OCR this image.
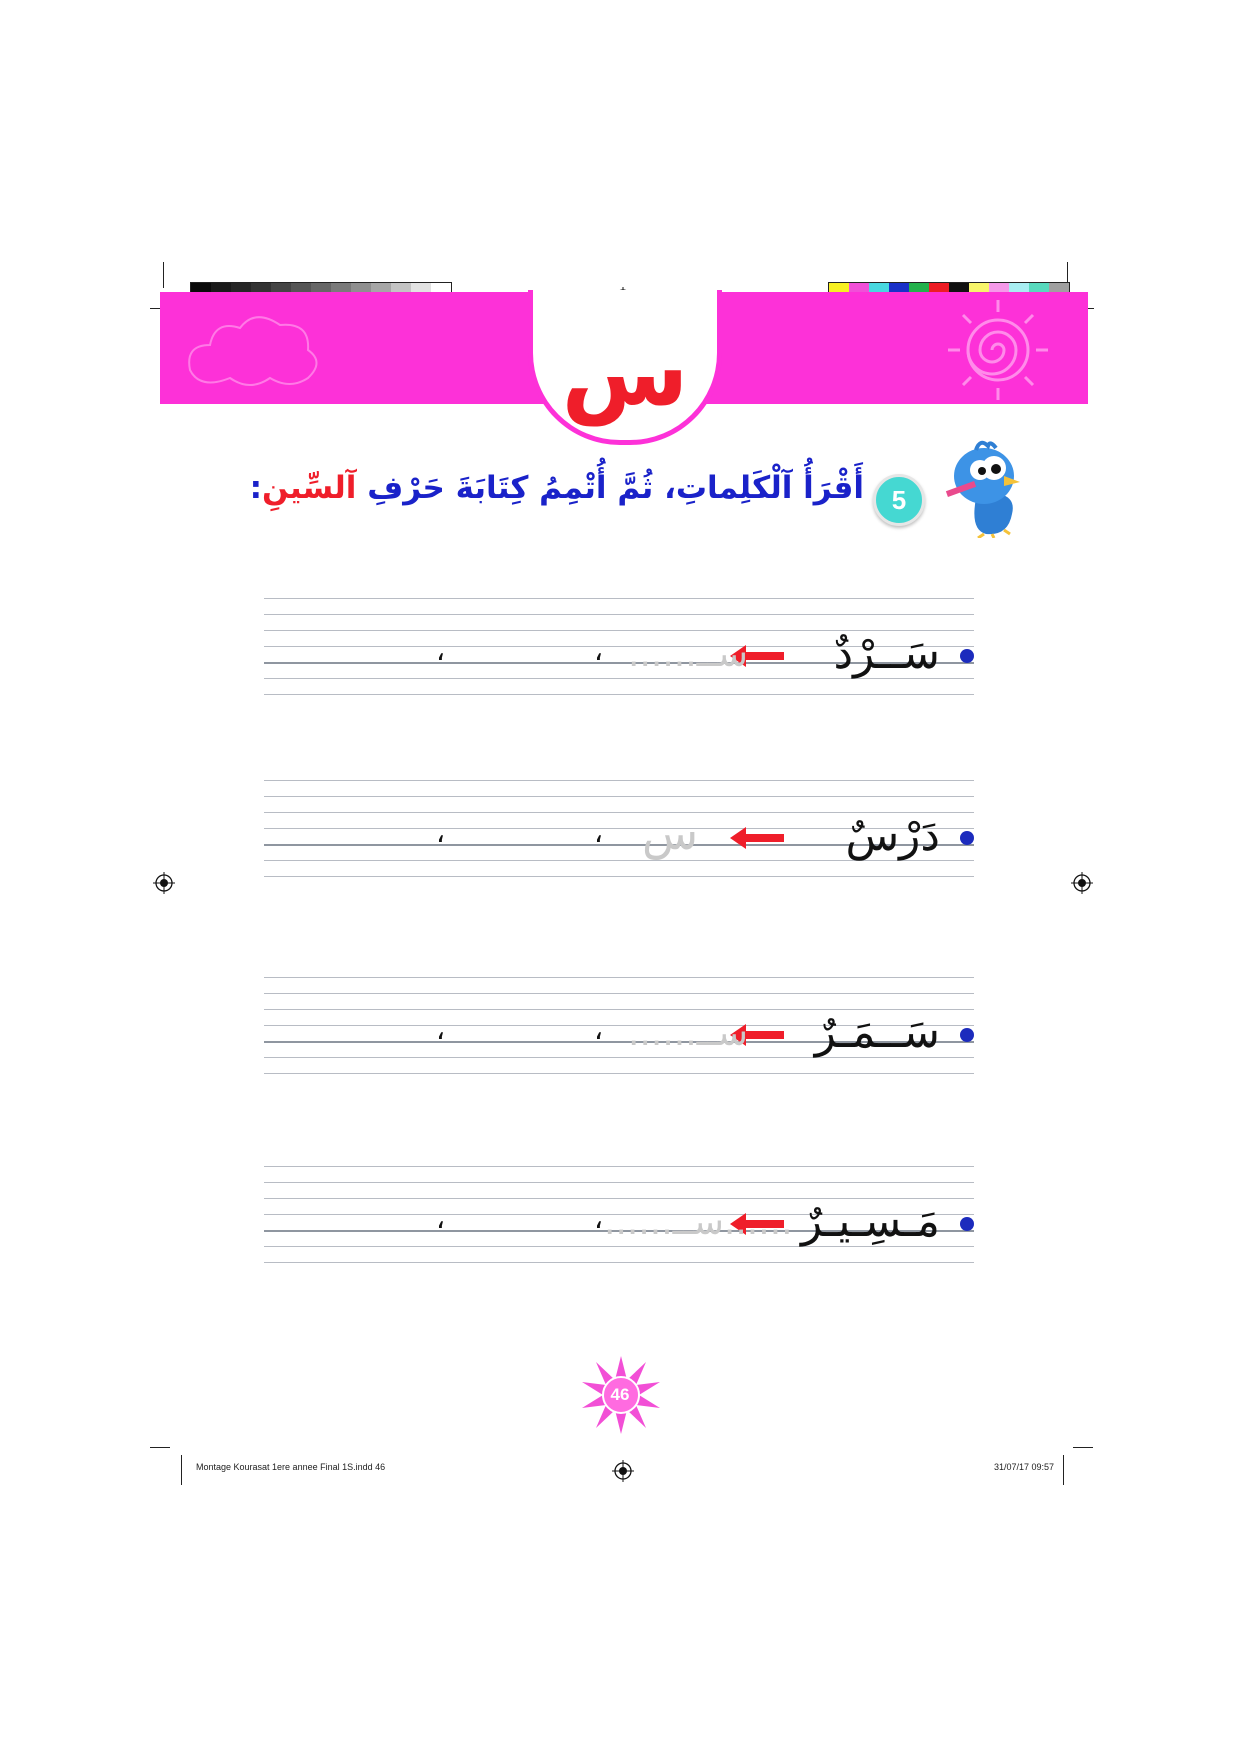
س
5
أَقْرَأُ آلْكَلِماتِ، ثُمَّ أُتْمِمُ كِتَابَةَ حَرْفِ آلسِّينِ:
سَــرْدٌ
ســ......
،
،
دَرْسٌ
س
،
،
سَــمَـرٌ
ســ......
،
،
مَـسِـيـرٌ
......ســ......
،
،
46
Montage Kourasat 1ere annee Final 1S.indd 46	31/07/17 09:57
